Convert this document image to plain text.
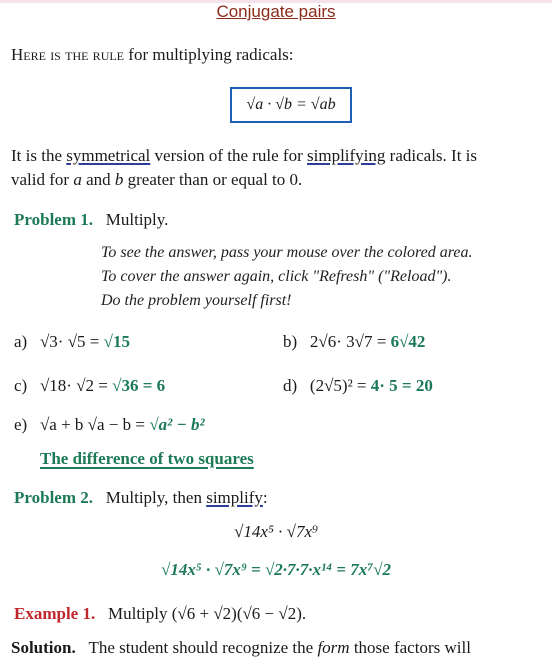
Conjugate pairs
Here is the rule for multiplying radicals:
√a · √b = √ab
It is the symmetrical version of the rule for simplifying radicals. It is
valid for a and b greater than or equal to 0.
Problem 1. Multiply.
To see the answer, pass your mouse over the colored area.
To cover the answer again, click "Refresh" ("Reload").
Do the problem yourself first!
a) √3· √5 = √15	b) 2√6· 3√7 = 6√42
c) √18· √2 = √36 = 6	d) (2√5)² = 4· 5 = 20
e) √a + b √a − b = √a² − b²
The difference of two squares
Problem 2. Multiply, then simplify:
√14x⁵ · √7x⁹
√14x⁵ · √7x⁹ = √2·7·7·x¹⁴ = 7x⁷√2
Example 1. Multiply (√6 + √2)(√6 − √2).
Solution. The student should recognize the form those factors will
